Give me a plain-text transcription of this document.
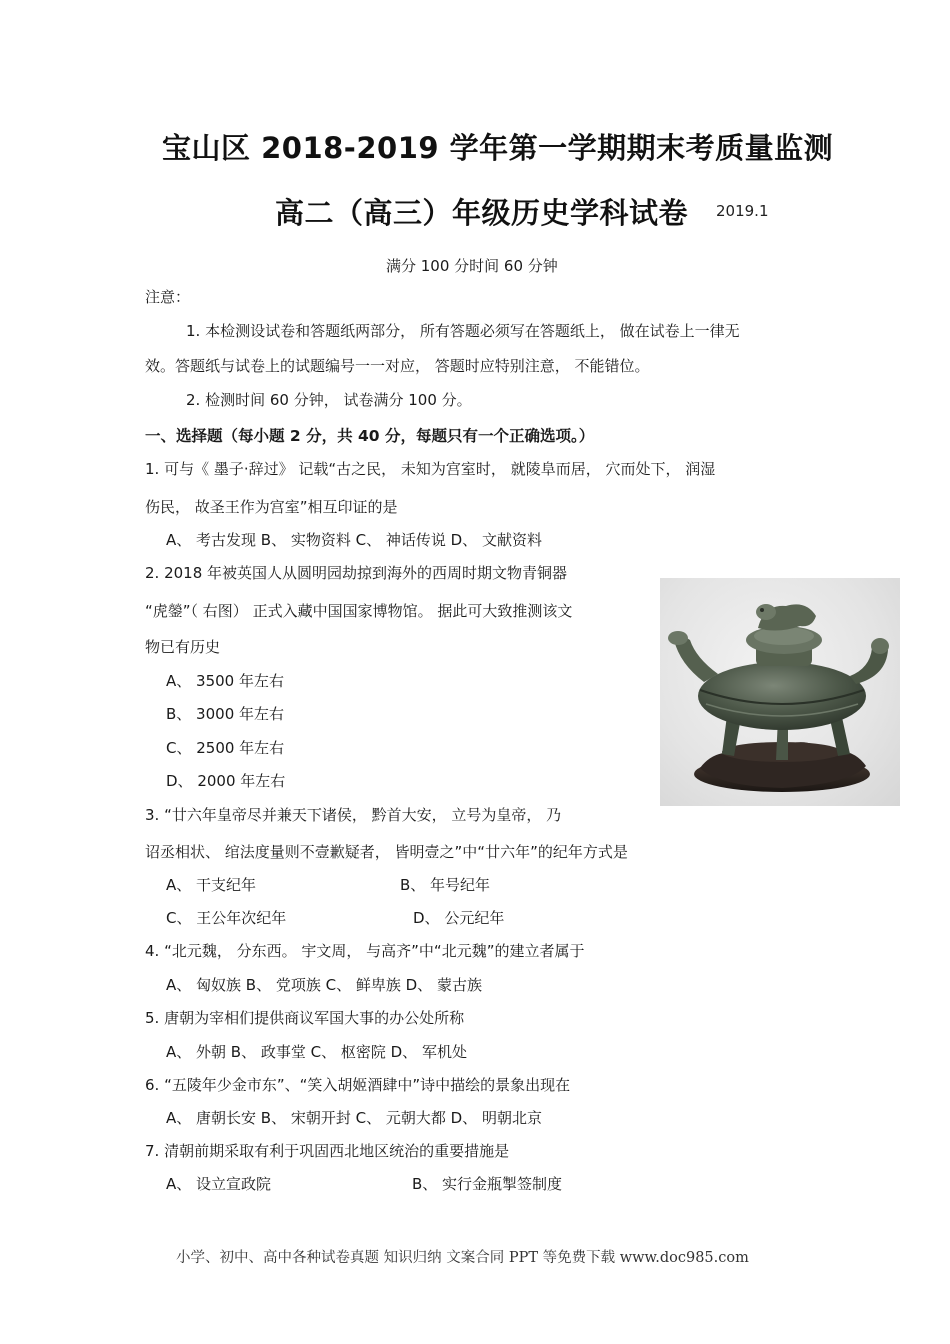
宝山区 2018-2019 学年第一学期期末考质量监测
高二（高三）年级历史学科试卷 2019.1
满分 100 分时间 60 分钟
注意：
1. 本检测设试卷和答题纸两部分， 所有答题必须写在答题纸上， 做在试卷上一律无
效。答题纸与试卷上的试题编号一一对应， 答题时应特别注意， 不能错位。
2. 检测时间 60 分钟， 试卷满分 100 分。
一、选择题（每小题 2 分，共 40 分，每题只有一个正确选项。）
1. 可与《 墨子·辞过》 记载“古之民， 未知为宫室时， 就陵阜而居， 穴而处下， 润湿
伤民， 故圣王作为宫室”相互印证的是
A、 考古发现 B、 实物资料 C、 神话传说 D、 文献资料
2. 2018 年被英国人从圆明园劫掠到海外的西周时期文物青铜器
“虎鎣”（ 右图） 正式入藏中国国家博物馆。 据此可大致推测该文
物已有历史
A、 3500 年左右
B、 3000 年左右
C、 2500 年左右
D、 2000 年左右
3. “廿六年皇帝尽并兼天下诸侯， 黔首大安， 立号为皇帝， 乃
诏丞相状、 绾法度量则不壹歉疑者， 皆明壹之”中“廿六年”的纪年方式是
A、 干支纪年	B、 年号纪年
C、 王公年次纪年	D、 公元纪年
4. “北元魏， 分东西。 宇文周， 与高齐”中“北元魏”的建立者属于
A、 匈奴族 B、 党项族 C、 鲜卑族 D、 蒙古族
5. 唐朝为宰相们提供商议军国大事的办公处所称
A、 外朝 B、 政事堂 C、 枢密院 D、 军机处
6. “五陵年少金市东”、“笑入胡姬酒肆中”诗中描绘的景象出现在
A、 唐朝长安 B、 宋朝开封 C、 元朝大都 D、 明朝北京
7. 清朝前期采取有利于巩固西北地区统治的重要措施是
A、 设立宣政院	B、 实行金瓶掣签制度
小学、初中、高中各种试卷真题 知识归纳 文案合同 PPT 等免费下载 www.doc985.com
